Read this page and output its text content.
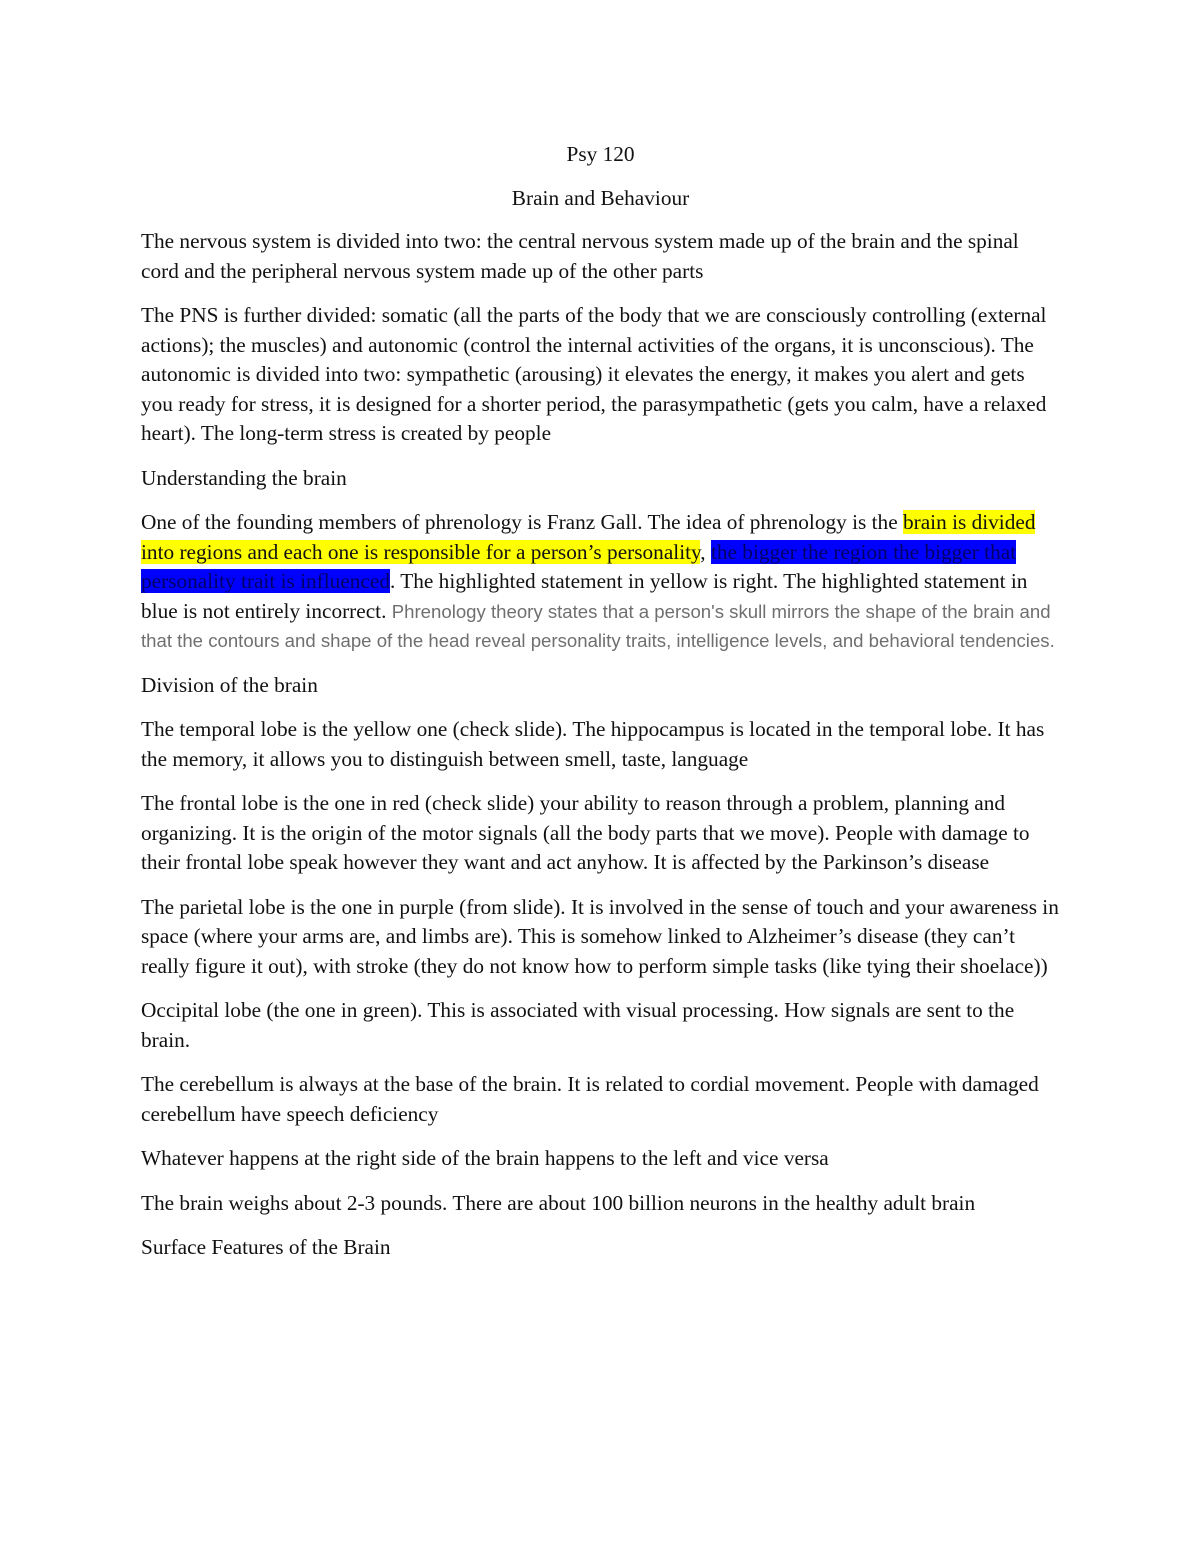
Psy 120

Brain and Behaviour

The nervous system is divided into two: the central nervous system made up of the brain and the spinal cord and the peripheral nervous system made up of the other parts

The PNS is further divided: somatic (all the parts of the body that we are consciously controlling (external actions); the muscles) and autonomic (control the internal activities of the organs, it is unconscious). The autonomic is divided into two: sympathetic (arousing) it elevates the energy, it makes you alert and gets you ready for stress, it is designed for a shorter period, the parasympathetic (gets you calm, have a relaxed heart). The long-term stress is created by people

Understanding the brain

One of the founding members of phrenology is Franz Gall. The idea of phrenology is the brain is divided into regions and each one is responsible for a person’s personality, the bigger the region the bigger that personality trait is influenced. The highlighted statement in yellow is right. The highlighted statement in blue is not entirely incorrect. Phrenology theory states that a person's skull mirrors the shape of the brain and that the contours and shape of the head reveal personality traits, intelligence levels, and behavioral tendencies.

Division of the brain

The temporal lobe is the yellow one (check slide). The hippocampus is located in the temporal lobe. It has the memory, it allows you to distinguish between smell, taste, language

The frontal lobe is the one in red (check slide) your ability to reason through a problem, planning and organizing. It is the origin of the motor signals (all the body parts that we move). People with damage to their frontal lobe speak however they want and act anyhow. It is affected by the Parkinson’s disease

The parietal lobe is the one in purple (from slide). It is involved in the sense of touch and your awareness in space (where your arms are, and limbs are). This is somehow linked to Alzheimer’s disease (they can’t really figure it out), with stroke (they do not know how to perform simple tasks (like tying their shoelace))

Occipital lobe (the one in green). This is associated with visual processing. How signals are sent to the brain.

The cerebellum is always at the base of the brain. It is related to cordial movement. People with damaged cerebellum have speech deficiency

Whatever happens at the right side of the brain happens to the left and vice versa

The brain weighs about 2-3 pounds. There are about 100 billion neurons in the healthy adult brain

Surface Features of the Brain
